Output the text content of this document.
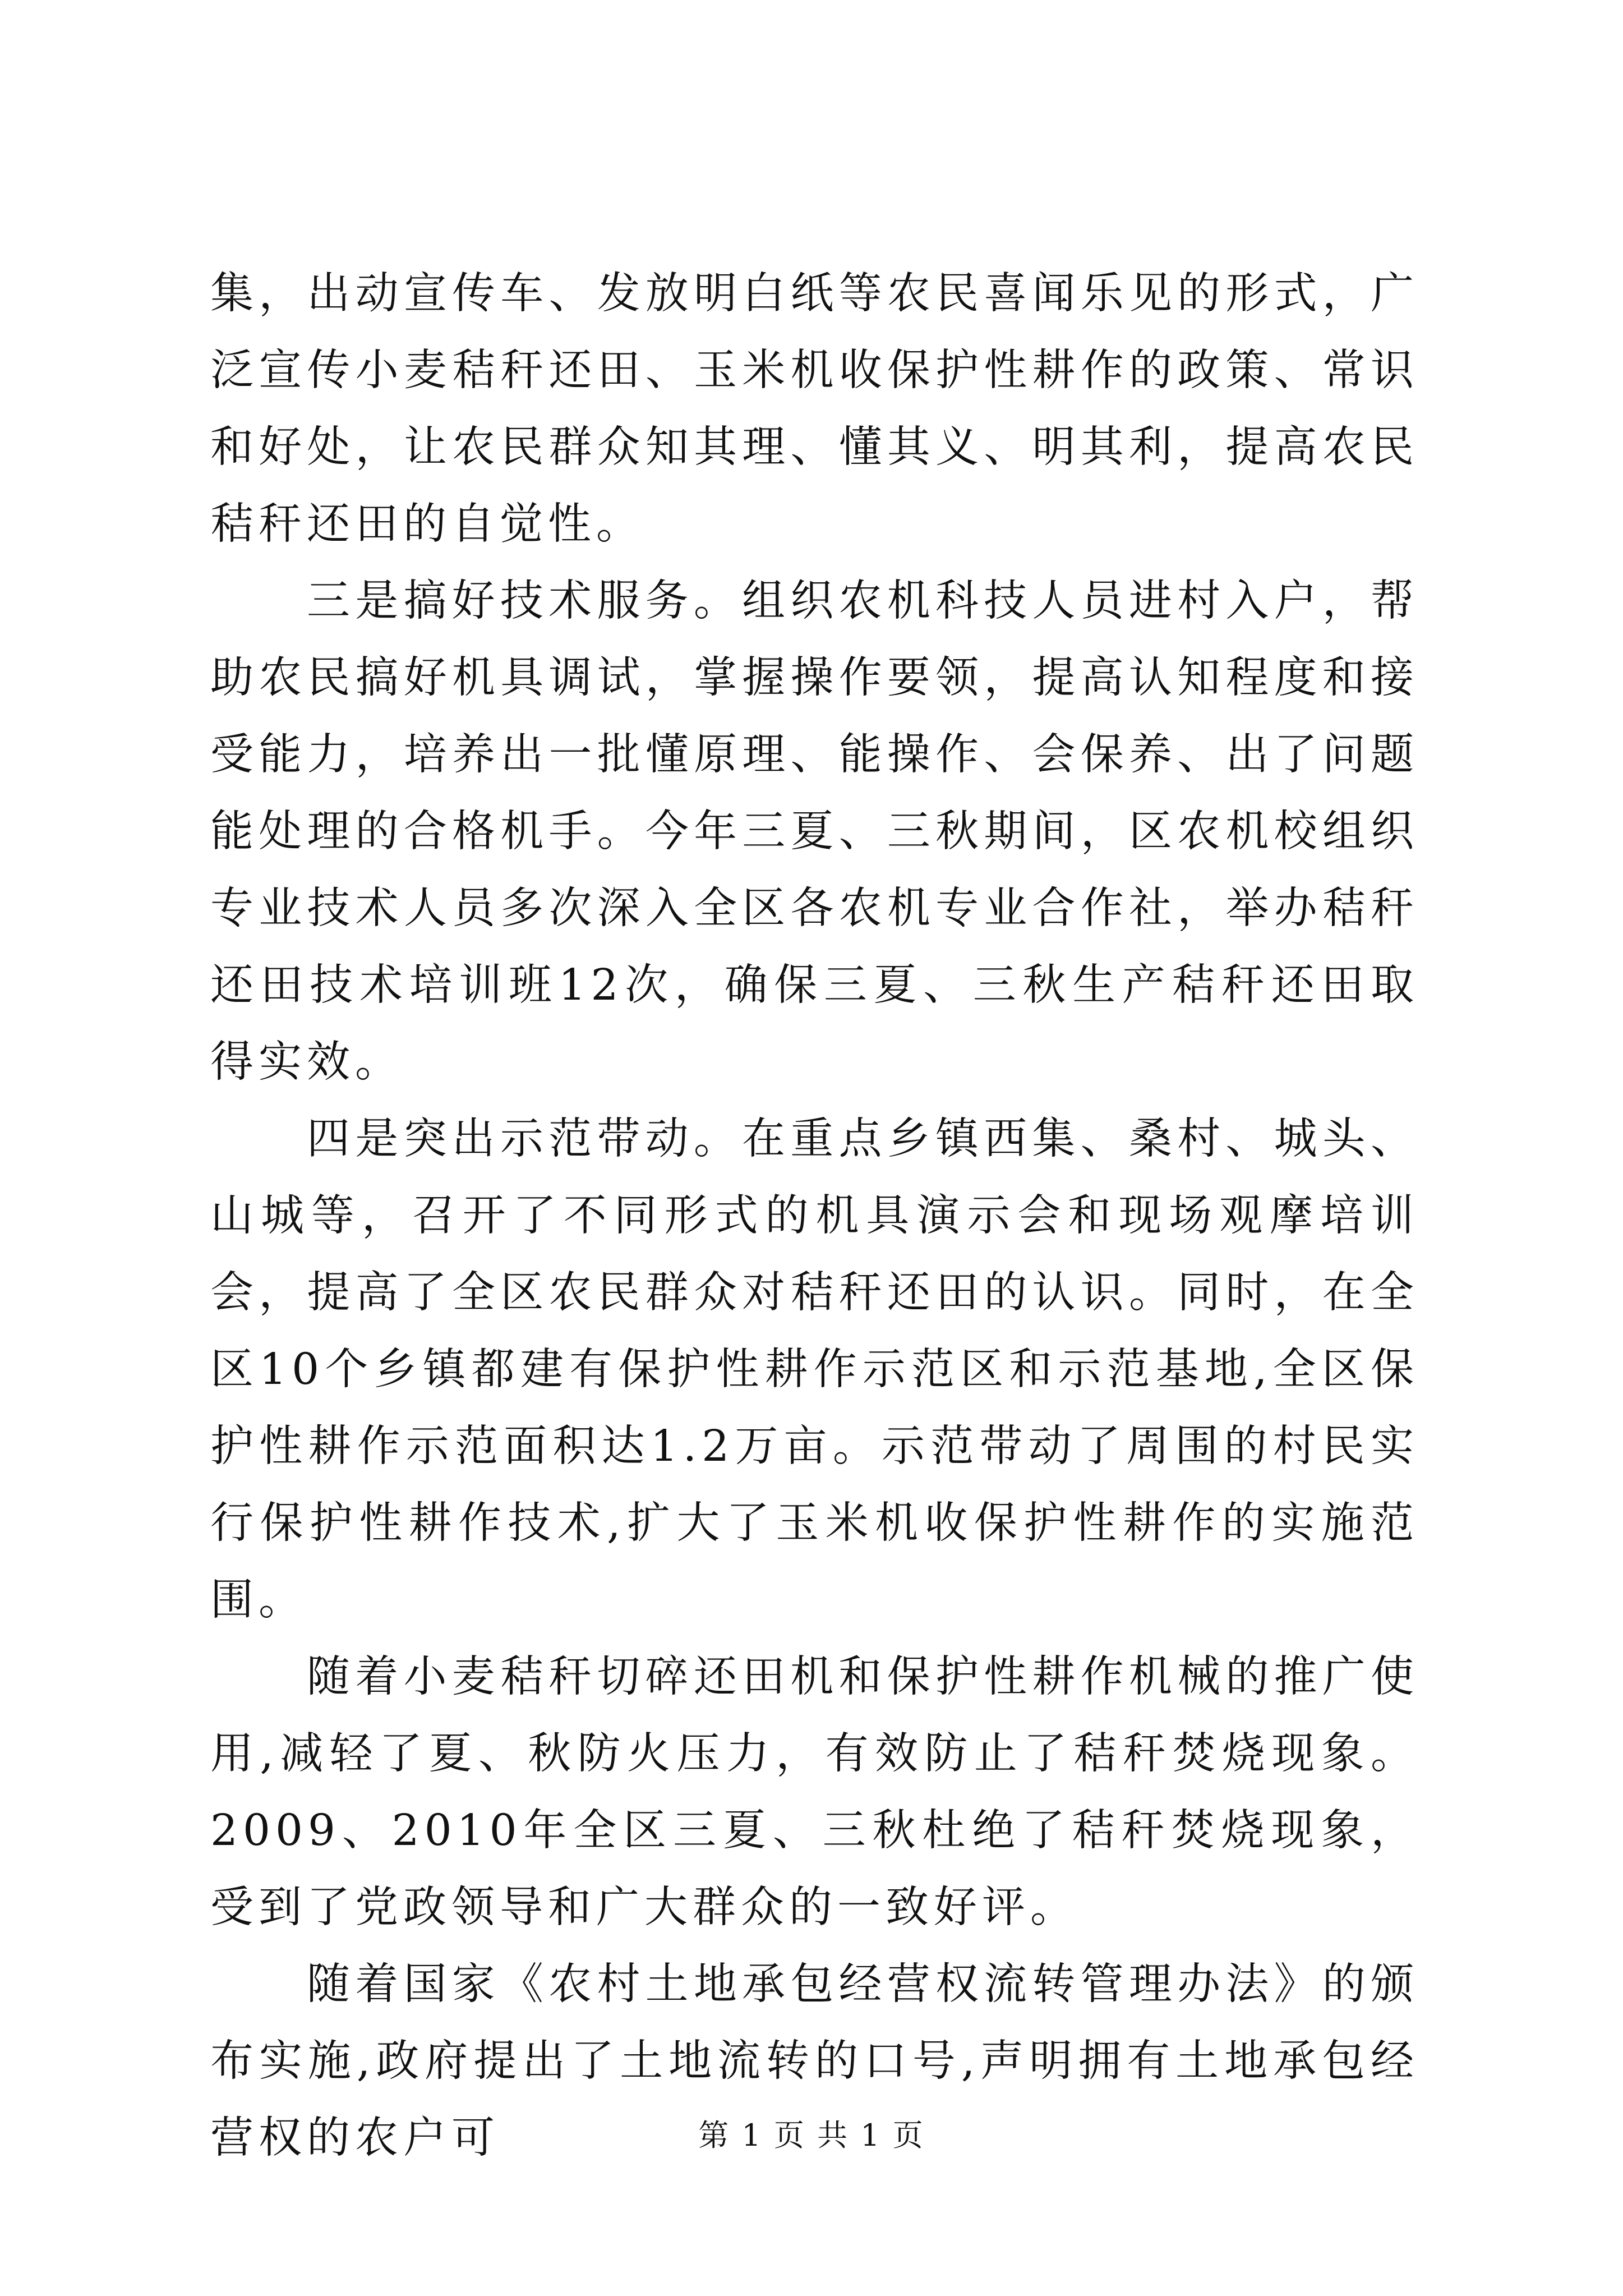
集，出动宣传车、发放明白纸等农民喜闻乐见的形式，广泛宣传小麦秸秆还田、玉米机收保护性耕作的政策、常识和好处，让农民群众知其理、懂其义、明其利，提高农民秸秆还田的自觉性。

三是搞好技术服务。组织农机科技人员进村入户，帮助农民搞好机具调试，掌握操作要领，提高认知程度和接受能力，培养出一批懂原理、能操作、会保养、出了问题能处理的合格机手。今年三夏、三秋期间，区农机校组织专业技术人员多次深入全区各农机专业合作社，举办秸秆还田技术培训班12次，确保三夏、三秋生产秸秆还田取得实效。

四是突出示范带动。在重点乡镇西集、桑村、城头、山城等，召开了不同形式的机具演示会和现场观摩培训会，提高了全区农民群众对秸秆还田的认识。同时，在全区10个乡镇都建有保护性耕作示范区和示范基地,全区保护性耕作示范面积达1.2万亩。示范带动了周围的村民实行保护性耕作技术,扩大了玉米机收保护性耕作的实施范围。

随着小麦秸秆切碎还田机和保护性耕作机械的推广使用,减轻了夏、秋防火压力，有效防止了秸秆焚烧现象。2009、2010年全区三夏、三秋杜绝了秸秆焚烧现象，受到了党政领导和广大群众的一致好评。

随着国家《农村土地承包经营权流转管理办法》的颁布实施,政府提出了土地流转的口号,声明拥有土地承包经营权的农户可	第 1 页 共 1 页
